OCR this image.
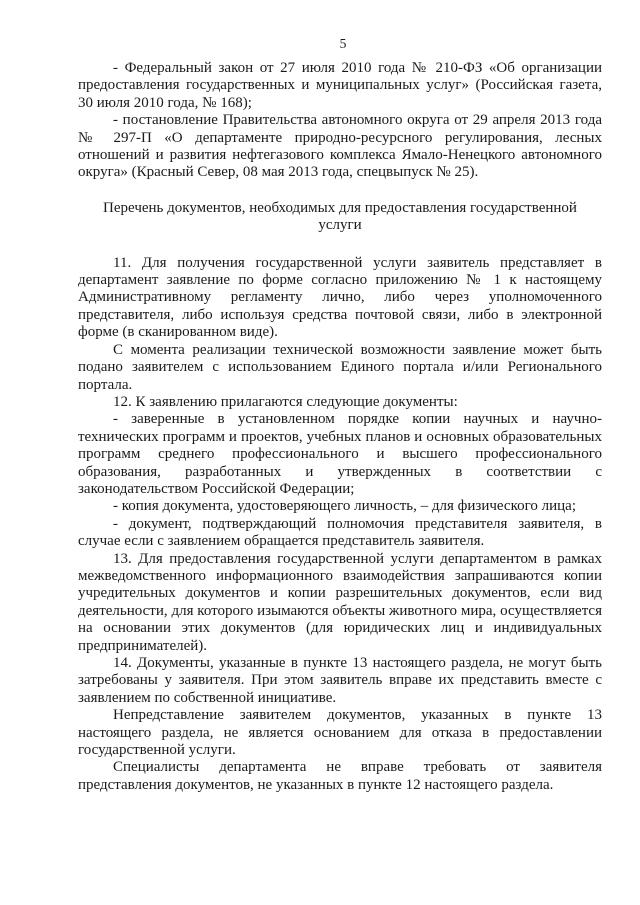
5

- Федеральный закон от 27 июля 2010 года № 210-ФЗ «Об организации предоставления государственных и муниципальных услуг» (Российская газета, 30 июля 2010 года, № 168);

- постановление Правительства автономного округа от 29 апреля 2013 года № 297-П «О департаменте природно-ресурсного регулирования, лесных отношений и развития нефтегазового комплекса Ямало-Ненецкого автономного округа» (Красный Север, 08 мая 2013 года, спецвыпуск № 25).

Перечень документов, необходимых для предоставления государственной услуги

11. Для получения государственной услуги заявитель представляет в департамент заявление по форме согласно приложению № 1 к настоящему Административному регламенту лично, либо через уполномоченного представителя, либо используя средства почтовой связи, либо в электронной форме (в сканированном виде).

С момента реализации технической возможности заявление может быть подано заявителем с использованием Единого портала и/или Регионального портала.

12. К заявлению прилагаются следующие документы:

- заверенные в установленном порядке копии научных и научно-технических программ и проектов, учебных планов и основных образовательных программ среднего профессионального и высшего профессионального образования, разработанных и утвержденных в соответствии с законодательством Российской Федерации;

- копия документа, удостоверяющего личность, – для физического лица;

- документ, подтверждающий полномочия представителя заявителя, в случае если с заявлением обращается представитель заявителя.

13. Для предоставления государственной услуги департаментом в рамках межведомственного информационного взаимодействия запрашиваются копии учредительных документов и копии разрешительных документов, если вид деятельности, для которого изымаются объекты животного мира, осуществляется на основании этих документов (для юридических лиц и индивидуальных предпринимателей).

14. Документы, указанные в пункте 13 настоящего раздела, не могут быть затребованы у заявителя. При этом заявитель вправе их представить вместе с заявлением по собственной инициативе.

Непредставление заявителем документов, указанных в пункте 13 настоящего раздела, не является основанием для отказа в предоставлении государственной услуги.

Специалисты департамента не вправе требовать от заявителя представления документов, не указанных в пункте 12 настоящего раздела.
